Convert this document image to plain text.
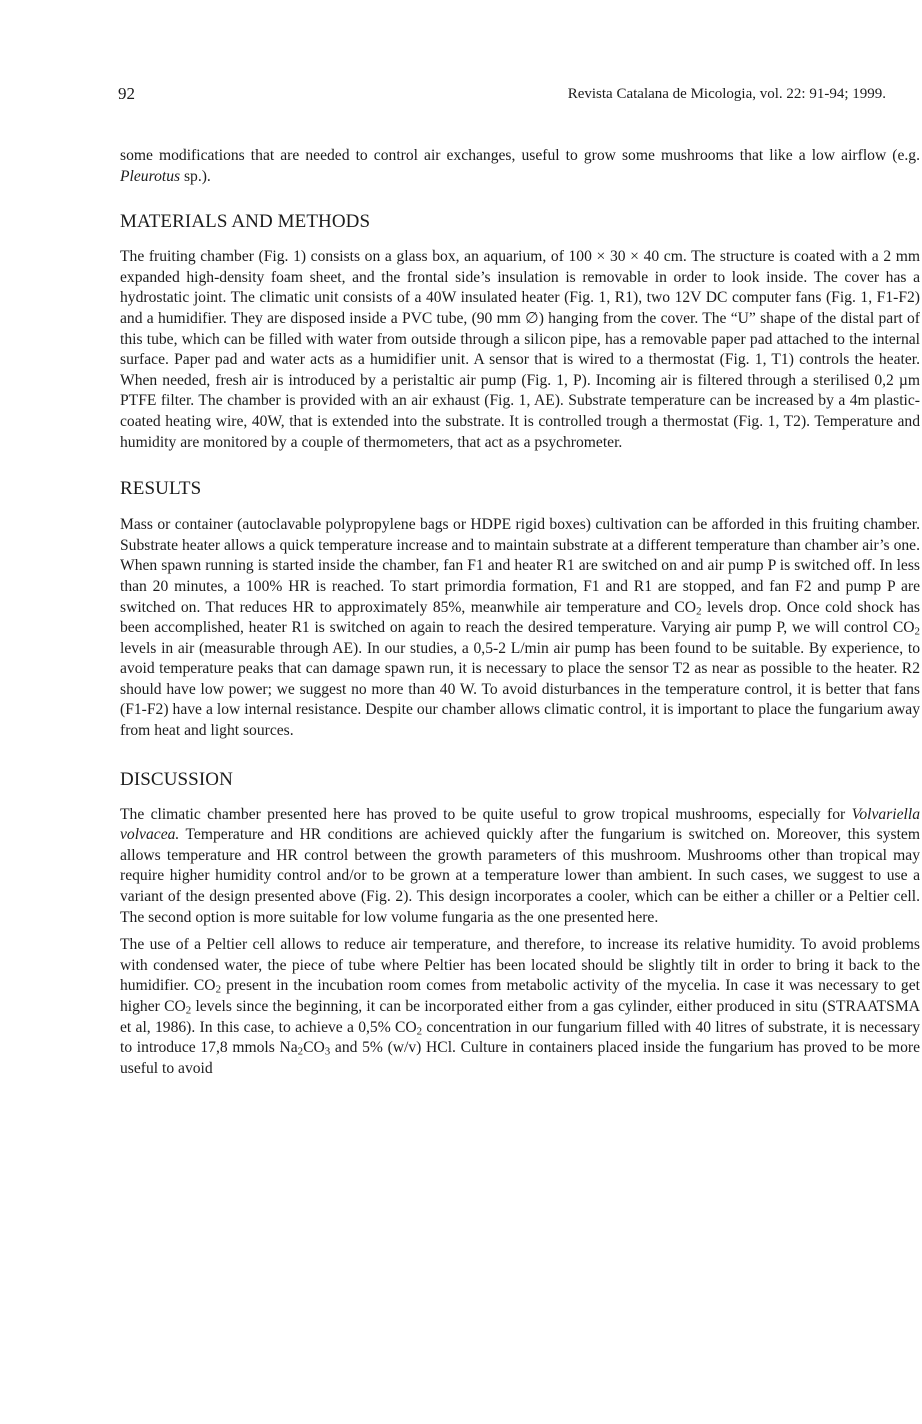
92	Revista Catalana de Micologia, vol. 22: 91-94; 1999.

some modifications that are needed to control air exchanges, useful to grow some mushrooms that like a low airflow (e.g. Pleurotus sp.).

MATERIALS AND METHODS

The fruiting chamber (Fig. 1) consists on a glass box, an aquarium, of 100 × 30 × 40 cm. The structure is coated with a 2 mm expanded high-density foam sheet, and the frontal side’s insulation is removable in order to look inside. The cover has a hydrostatic joint. The climatic unit consists of a 40W insulated heater (Fig. 1, R1), two 12V DC computer fans (Fig. 1, F1-F2) and a humidifier. They are disposed inside a PVC tube, (90 mm ∅) hanging from the cover. The “U” shape of the distal part of this tube, which can be filled with water from outside through a silicon pipe, has a removable paper pad attached to the internal surface. Paper pad and water acts as a humidifier unit. A sensor that is wired to a thermostat (Fig. 1, T1) controls the heater. When needed, fresh air is introduced by a peristaltic air pump (Fig. 1, P). Incoming air is filtered through a sterilised 0,2 µm PTFE filter. The chamber is provided with an air exhaust (Fig. 1, AE). Substrate temperature can be increased by a 4m plastic-coated heating wire, 40W, that is extended into the substrate. It is controlled trough a thermostat (Fig. 1, T2). Temperature and humidity are monitored by a couple of thermometers, that act as a psychrometer.

RESULTS

Mass or container (autoclavable polypropylene bags or HDPE rigid boxes) cultivation can be afforded in this fruiting chamber. Substrate heater allows a quick temperature increase and to maintain substrate at a different temperature than chamber air’s one. When spawn running is started inside the chamber, fan F1 and heater R1 are switched on and air pump P is switched off. In less than 20 minutes, a 100% HR is reached. To start primordia formation, F1 and R1 are stopped, and fan F2 and pump P are switched on. That reduces HR to approximately 85%, meanwhile air temperature and $CO_2$ levels drop. Once cold shock has been accomplished, heater R1 is switched on again to reach the desired temperature. Varying air pump P, we will control $CO_2$ levels in air (measurable through AE). In our studies, a 0,5-2 L/min air pump has been found to be suitable. By experience, to avoid temperature peaks that can damage spawn run, it is necessary to place the sensor T2 as near as possible to the heater. R2 should have low power; we suggest no more than 40 W. To avoid disturbances in the temperature control, it is better that fans (F1-F2) have a low internal resistance. Despite our chamber allows climatic control, it is important to place the fungarium away from heat and light sources.

DISCUSSION

The climatic chamber presented here has proved to be quite useful to grow tropical mushrooms, especially for Volvariella volvacea. Temperature and HR conditions are achieved quickly after the fungarium is switched on. Moreover, this system allows temperature and HR control between the growth parameters of this mushroom. Mushrooms other than tropical may require higher humidity control and/or to be grown at a temperature lower than ambient. In such cases, we suggest to use a variant of the design presented above (Fig. 2). This design incorporates a cooler, which can be either a chiller or a Peltier cell. The second option is more suitable for low volume fungaria as the one presented here.

The use of a Peltier cell allows to reduce air temperature, and therefore, to increase its relative humidity. To avoid problems with condensed water, the piece of tube where Peltier has been located should be slightly tilt in order to bring it back to the humidifier. $CO_2$ present in the incubation room comes from metabolic activity of the mycelia. In case it was necessary to get higher $CO_2$ levels since the beginning, it can be incorporated either from a gas cylinder, either produced in situ (STRAATSMA et al, 1986). In this case, to achieve a 0,5% $CO_2$ concentration in our fungarium filled with 40 litres of substrate, it is necessary to introduce 17,8 mmols $Na_2CO_3$ and 5% (w/v) HCl. Culture in containers placed inside the fungarium has proved to be more useful to avoid
